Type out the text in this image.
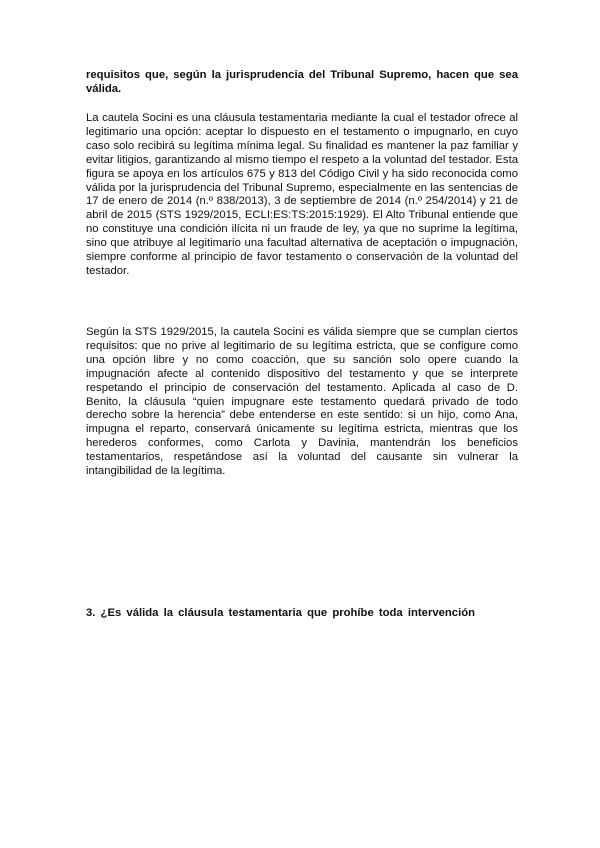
requisitos que, según la jurisprudencia del Tribunal Supremo, hacen que sea válida.

La cautela Socini es una cláusula testamentaria mediante la cual el testador ofrece al legitimario una opción: aceptar lo dispuesto en el testamento o impugnarlo, en cuyo caso solo recibirá su legítima mínima legal. Su finalidad es mantener la paz familiar y evitar litigios, garantizando al mismo tiempo el respeto a la voluntad del testador. Esta figura se apoya en los artículos 675 y 813 del Código Civil y ha sido reconocida como válida por la jurisprudencia del Tribunal Supremo, especialmente en las sentencias de 17 de enero de 2014 (n.º 838/2013), 3 de septiembre de 2014 (n.º 254/2014) y 21 de abril de 2015 (STS 1929/2015, ECLI:ES:TS:2015:1929). El Alto Tribunal entiende que no constituye una condición ilícita ni un fraude de ley, ya que no suprime la legítima, sino que atribuye al legitimario una facultad alternativa de aceptación o impugnación, siempre conforme al principio de favor testamento o conservación de la voluntad del testador.

Según la STS 1929/2015, la cautela Socini es válida siempre que se cumplan ciertos requisitos: que no prive al legitimario de su legítima estricta, que se configure como una opción libre y no como coacción, que su sanción solo opere cuando la impugnación afecte al contenido dispositivo del testamento y que se interprete respetando el principio de conservación del testamento. Aplicada al caso de D. Benito, la cláusula “quien impugnare este testamento quedará privado de todo derecho sobre la herencia” debe entenderse en este sentido: si un hijo, como Ana, impugna el reparto, conservará únicamente su legítima estricta, mientras que los herederos conformes, como Carlota y Davinia, mantendrán los beneficios testamentarios, respetándose así la voluntad del causante sin vulnerar la intangibilidad de la legítima.

3. ¿Es válida la cláusula testamentaria que prohíbe toda intervención
